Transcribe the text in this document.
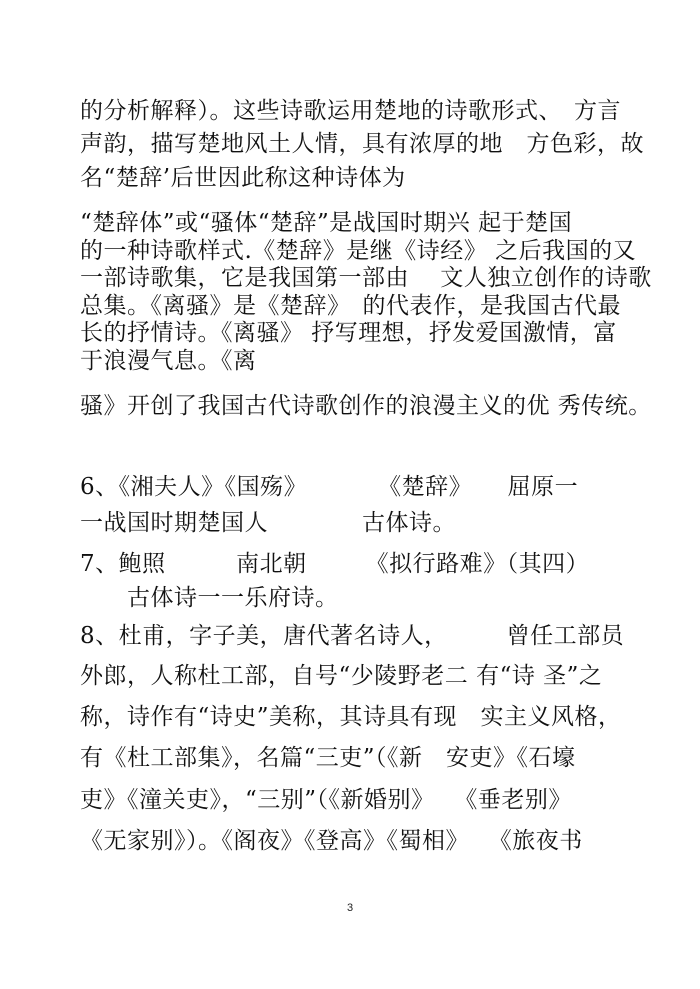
的分析解释）。这些诗歌运用楚地的诗歌形式、　方言
声韵，描写楚地风土人情，具有浓厚的地　方色彩，故
名“楚辞’后世因此称这种诗体为
“楚辞体”或“骚体“楚辞”是战国时期兴 起于楚国
的一种诗歌样式.《楚辞》是继《诗经》 之后我国的又
一部诗歌集，它是我国第一部由　 文人独立创作的诗歌
总集。《离骚》是《楚辞》　的代表作，是我国古代最
长的抒情诗。《离骚》 抒写理想，抒发爱国激情，富
于浪漫气息。《离
骚》开创了我国古代诗歌创作的浪漫主义的优 秀传统。
6、《湘夫人》《国殇》　　　　《楚辞》　　屈原一
一战国时期楚国人　　　　古体诗。
7、鲍照　　　南北朝　　　《拟行路难》（其四）
　　古体诗一一乐府诗。
8、杜甫，字子美，唐代著名诗人，　　　曾任工部员
外郎，人称杜工部，自号“少陵野老二 有“诗 圣”之
称，诗作有“诗史”美称，其诗具有现　实主义风格，
有《杜工部集》，名篇“三吏”（《新　安吏》《石壕
吏》《潼关吏》，“三别”（《新婚别》　 《垂老别》
《无家别》）。《阁夜》《登高》《蜀相》　 《旅夜书
3
